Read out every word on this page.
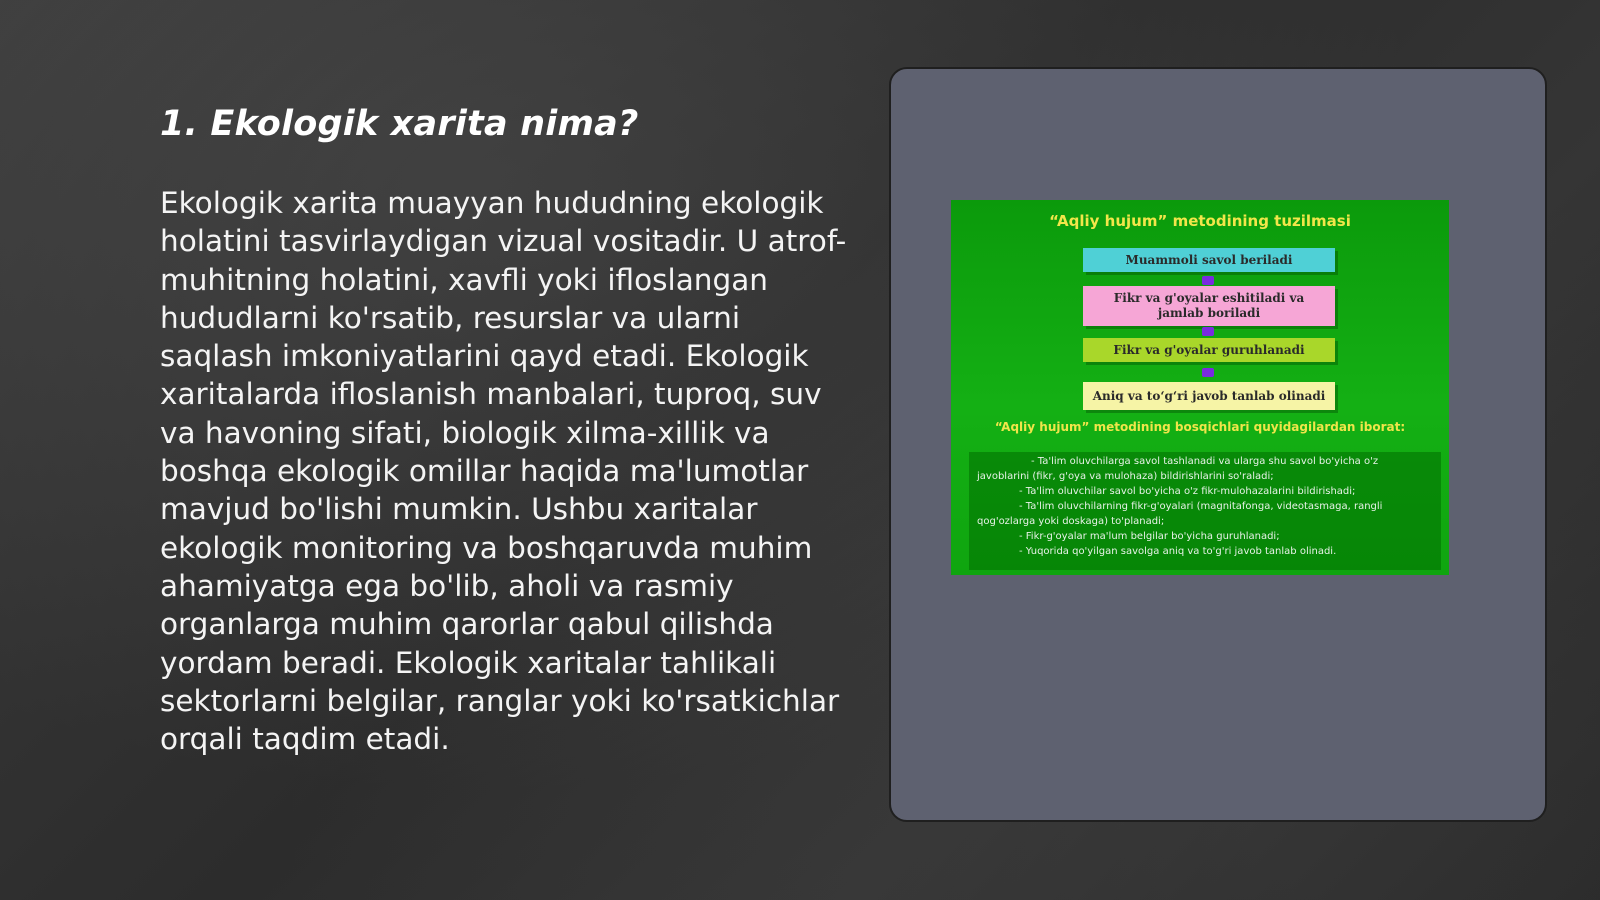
1. Ekologik xarita nima?

Ekologik xarita muayyan hududning ekologik holatini tasvirlaydigan vizual vositadir. U atrof-muhitning holatini, xavfli yoki ifloslangan hududlarni ko'rsatib, resurslar va ularni saqlash imkoniyatlarini qayd etadi. Ekologik xaritalarda ifloslanish manbalari, tuproq, suv va havoning sifati, biologik xilma-xillik va boshqa ekologik omillar haqida ma'lumotlar mavjud bo'lishi mumkin. Ushbu xaritalar ekologik monitoring va boshqaruvda muhim ahamiyatga ega bo'lib, aholi va rasmiy organlarga muhim qarorlar qabul qilishda yordam beradi. Ekologik xaritalar tahlikali sektorlarni belgilar, ranglar yoki ko'rsatkichlar orqali taqdim etadi.

“Aqliy hujum” metodining tuzilmasi
Muammoli savol beriladi
Fikr va g'oyalar eshitiladi va jamlab boriladi
Fikr va g'oyalar guruhlanadi
Aniq va to‘g‘ri javob tanlab olinadi
“Aqliy hujum” metodining bosqichlari quyidagilardan iborat:

- Ta'lim oluvchilarga savol tashlanadi va ularga shu savol bo'yicha o'z

javoblarini (fikr, g'oya va mulohaza) bildirishlarini so'raladi;

- Ta'lim oluvchilar savol bo'yicha o'z fikr-mulohazalarini bildirishadi;

- Ta'lim oluvchilarning fikr-g'oyalari (magnitafonga, videotasmaga, rangli

qog'ozlarga yoki doskaga) to'planadi;

- Fikr-g'oyalar ma'lum belgilar bo'yicha guruhlanadi;

- Yuqorida qo'yilgan savolga aniq va to'g'ri javob tanlab olinadi.
